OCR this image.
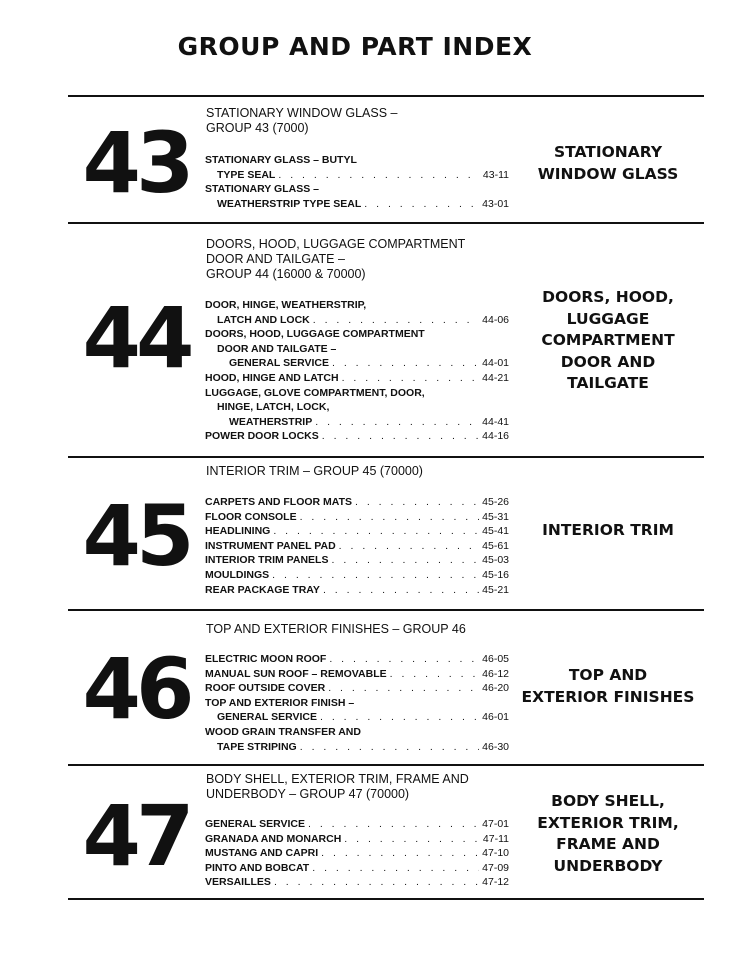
GROUP AND PART INDEX
43
STATIONARY WINDOW GLASS –
GROUP 43 (7000)
STATIONARY GLASS – BUTYL
TYPE SEAL . . .	43-11
STATIONARY GLASS –
WEATHERSTRIP TYPE SEAL . . .	43-01
STATIONARY
WINDOW GLASS
44
DOORS, HOOD, LUGGAGE COMPARTMENT
DOOR AND TAILGATE –
GROUP 44 (16000 & 70000)
DOOR, HINGE, WEATHERSTRIP,
LATCH AND LOCK . . .	44-06
DOORS, HOOD, LUGGAGE COMPARTMENT
DOOR AND TAILGATE –
GENERAL SERVICE . . .	44-01
HOOD, HINGE AND LATCH . . .	44-21
LUGGAGE, GLOVE COMPARTMENT, DOOR,
HINGE, LATCH, LOCK,
WEATHERSTRIP . . .	44-41
POWER DOOR LOCKS . . .	44-16
DOORS, HOOD,
LUGGAGE
COMPARTMENT
DOOR AND
TAILGATE
45
INTERIOR TRIM – GROUP 45 (70000)
CARPETS AND FLOOR MATS . . .	45-26
FLOOR CONSOLE . . .	45-31
HEADLINING . . .	45-41
INSTRUMENT PANEL PAD . . .	45-61
INTERIOR TRIM PANELS . . .	45-03
MOULDINGS . . .	45-16
REAR PACKAGE TRAY . . .	45-21
INTERIOR TRIM
46
TOP AND EXTERIOR FINISHES – GROUP 46
ELECTRIC MOON ROOF . . .	46-05
MANUAL SUN ROOF – REMOVABLE . . .	46-12
ROOF OUTSIDE COVER . . .	46-20
TOP AND EXTERIOR FINISH –
GENERAL SERVICE . . .	46-01
WOOD GRAIN TRANSFER AND
TAPE STRIPING . . .	46-30
TOP AND
EXTERIOR FINISHES
47
BODY SHELL, EXTERIOR TRIM, FRAME AND
UNDERBODY – GROUP 47 (70000)
GENERAL SERVICE . . .	47-01
GRANADA AND MONARCH . . .	47-11
MUSTANG AND CAPRI . . .	47-10
PINTO AND BOBCAT . . .	47-09
VERSAILLES . . .	47-12
BODY SHELL,
EXTERIOR TRIM,
FRAME AND
UNDERBODY
